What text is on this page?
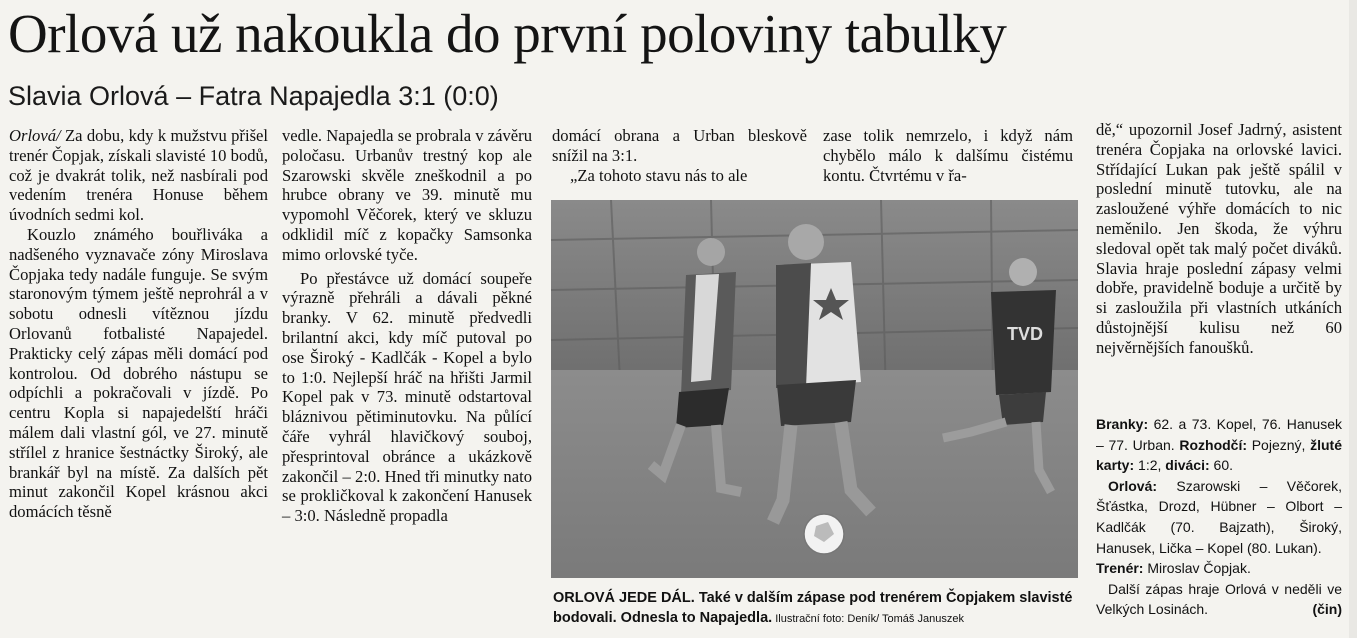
Orlová už nakoukla do první poloviny tabulky
Slavia Orlová – Fatra Napajedla 3:1 (0:0)

Orlová/ Za dobu, kdy k mužstvu přišel trenér Čopjak, získali slavisté 10 bodů, což je dvakrát tolik, než nasbírali pod vedením trenéra Honuse během úvodních sedmi kol.

Kouzlo známého bouřliváka a nadšeného vyznavače zóny Miroslava Čopjaka tedy nadále funguje. Se svým staronovým týmem ještě neprohrál a v sobotu odnesli vítěznou jízdu Orlovanů fotbalisté Napajedel. Prakticky celý zápas měli domácí pod kontrolou. Od dobrého nástupu se odpíchli a pokračovali v jízdě. Po centru Kopla si napajedelští hráči málem dali vlastní gól, ve 27. minutě střílel z hranice šestnáctky Široký, ale brankář byl na místě. Za dalších pět minut zakončil Kopel krásnou akci domácích těsně

vedle. Napajedla se probrala v závěru poločasu. Urbanův trestný kop ale Szarowski skvěle zneškodnil a po hrubce obrany ve 39. minutě mu vypomohl Věčorek, který ve skluzu odklidil míč z kopačky Samsonka mimo orlovské tyče.

Po přestávce už domácí soupeře výrazně přehráli a dávali pěkné branky. V 62. minutě předvedli brilantní akci, kdy míč putoval po ose Široký - Kadlčák - Kopel a bylo to 1:0. Nejlepší hráč na hřišti Jarmil Kopel pak v 73. minutě odstartoval bláznivou pětiminutovku. Na půlící čáře vyhrál hlavičkový souboj, přesprintoval obránce a ukázkově zakončil – 2:0. Hned tři minutky nato se prokličkoval k zakončení Hanusek – 3:0. Následně propadla

domácí obrana a Urban bleskově snížil na 3:1.

„Za tohoto stavu nás to ale

zase tolik nemrzelo, i když nám chybělo málo k dalšímu čistému kontu. Čtvrtému v řa-

dě,“ upozornil Josef Jadrný, asistent trenéra Čopjaka na orlovské lavici. Střídající Lukan pak ještě spálil v poslední minutě tutovku, ale na zasloužené výhře domácích to nic neměnilo. Jen škoda, že výhru sledoval opět tak malý počet diváků. Slavia hraje poslední zápasy velmi dobře, pravidelně boduje a určitě by si zasloužila při vlastních utkáních důstojnější kulisu než 60 nejvěrnějších fanoušků.

TVD
ORLOVÁ JEDE DÁL. Také v dalším zápase pod trenérem Čopjakem slavisté bodovali. Odnesla to Napajedla. Ilustrační foto: Deník/ Tomáš Januszek

Branky: 62. a 73. Kopel, 76. Hanusek – 77. Urban. Rozhodčí: Pojezný, žluté karty: 1:2, diváci: 60.

Orlová: Szarowski – Věčorek, Šťástka, Drozd, Hübner – Olbort – Kadlčák (70. Bajzath), Široký, Hanusek, Lička – Kopel (80. Lukan).

Trenér: Miroslav Čopjak.

Další zápas hraje Orlová v neděli ve Velkých Losinách.	(čin)
